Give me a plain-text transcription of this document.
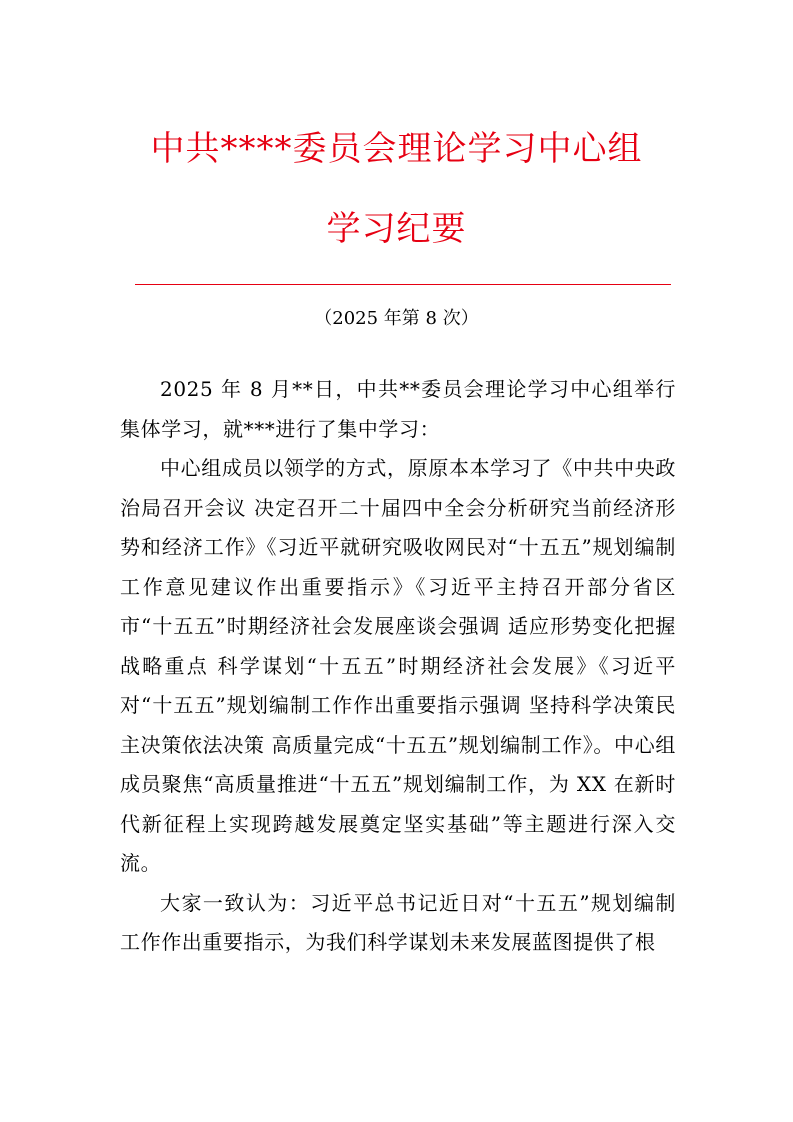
中共****委员会理论学习中心组
学习纪要
（2025 年第 8 次）

2025 年 8 月**日，中共**委员会理论学习中心组举行集体学习，就***进行了集中学习：

中心组成员以领学的方式，原原本本学习了《中共中央政治局召开会议 决定召开二十届四中全会分析研究当前经济形势和经济工作》《习近平就研究吸收网民对“十五五”规划编制工作意见建议作出重要指示》《习近平主持召开部分省区市“十五五”时期经济社会发展座谈会强调 适应形势变化把握战略重点 科学谋划“十五五”时期经济社会发展》《习近平对“十五五”规划编制工作作出重要指示强调 坚持科学决策民主决策依法决策 高质量完成“十五五”规划编制工作》。中心组成员聚焦“高质量推进“十五五”规划编制工作，为 XX 在新时代新征程上实现跨越发展奠定坚实基础”等主题进行深入交流。

大家一致认为：习近平总书记近日对“十五五”规划编制工作作出重要指示，为我们科学谋划未来发展蓝图提供了根
